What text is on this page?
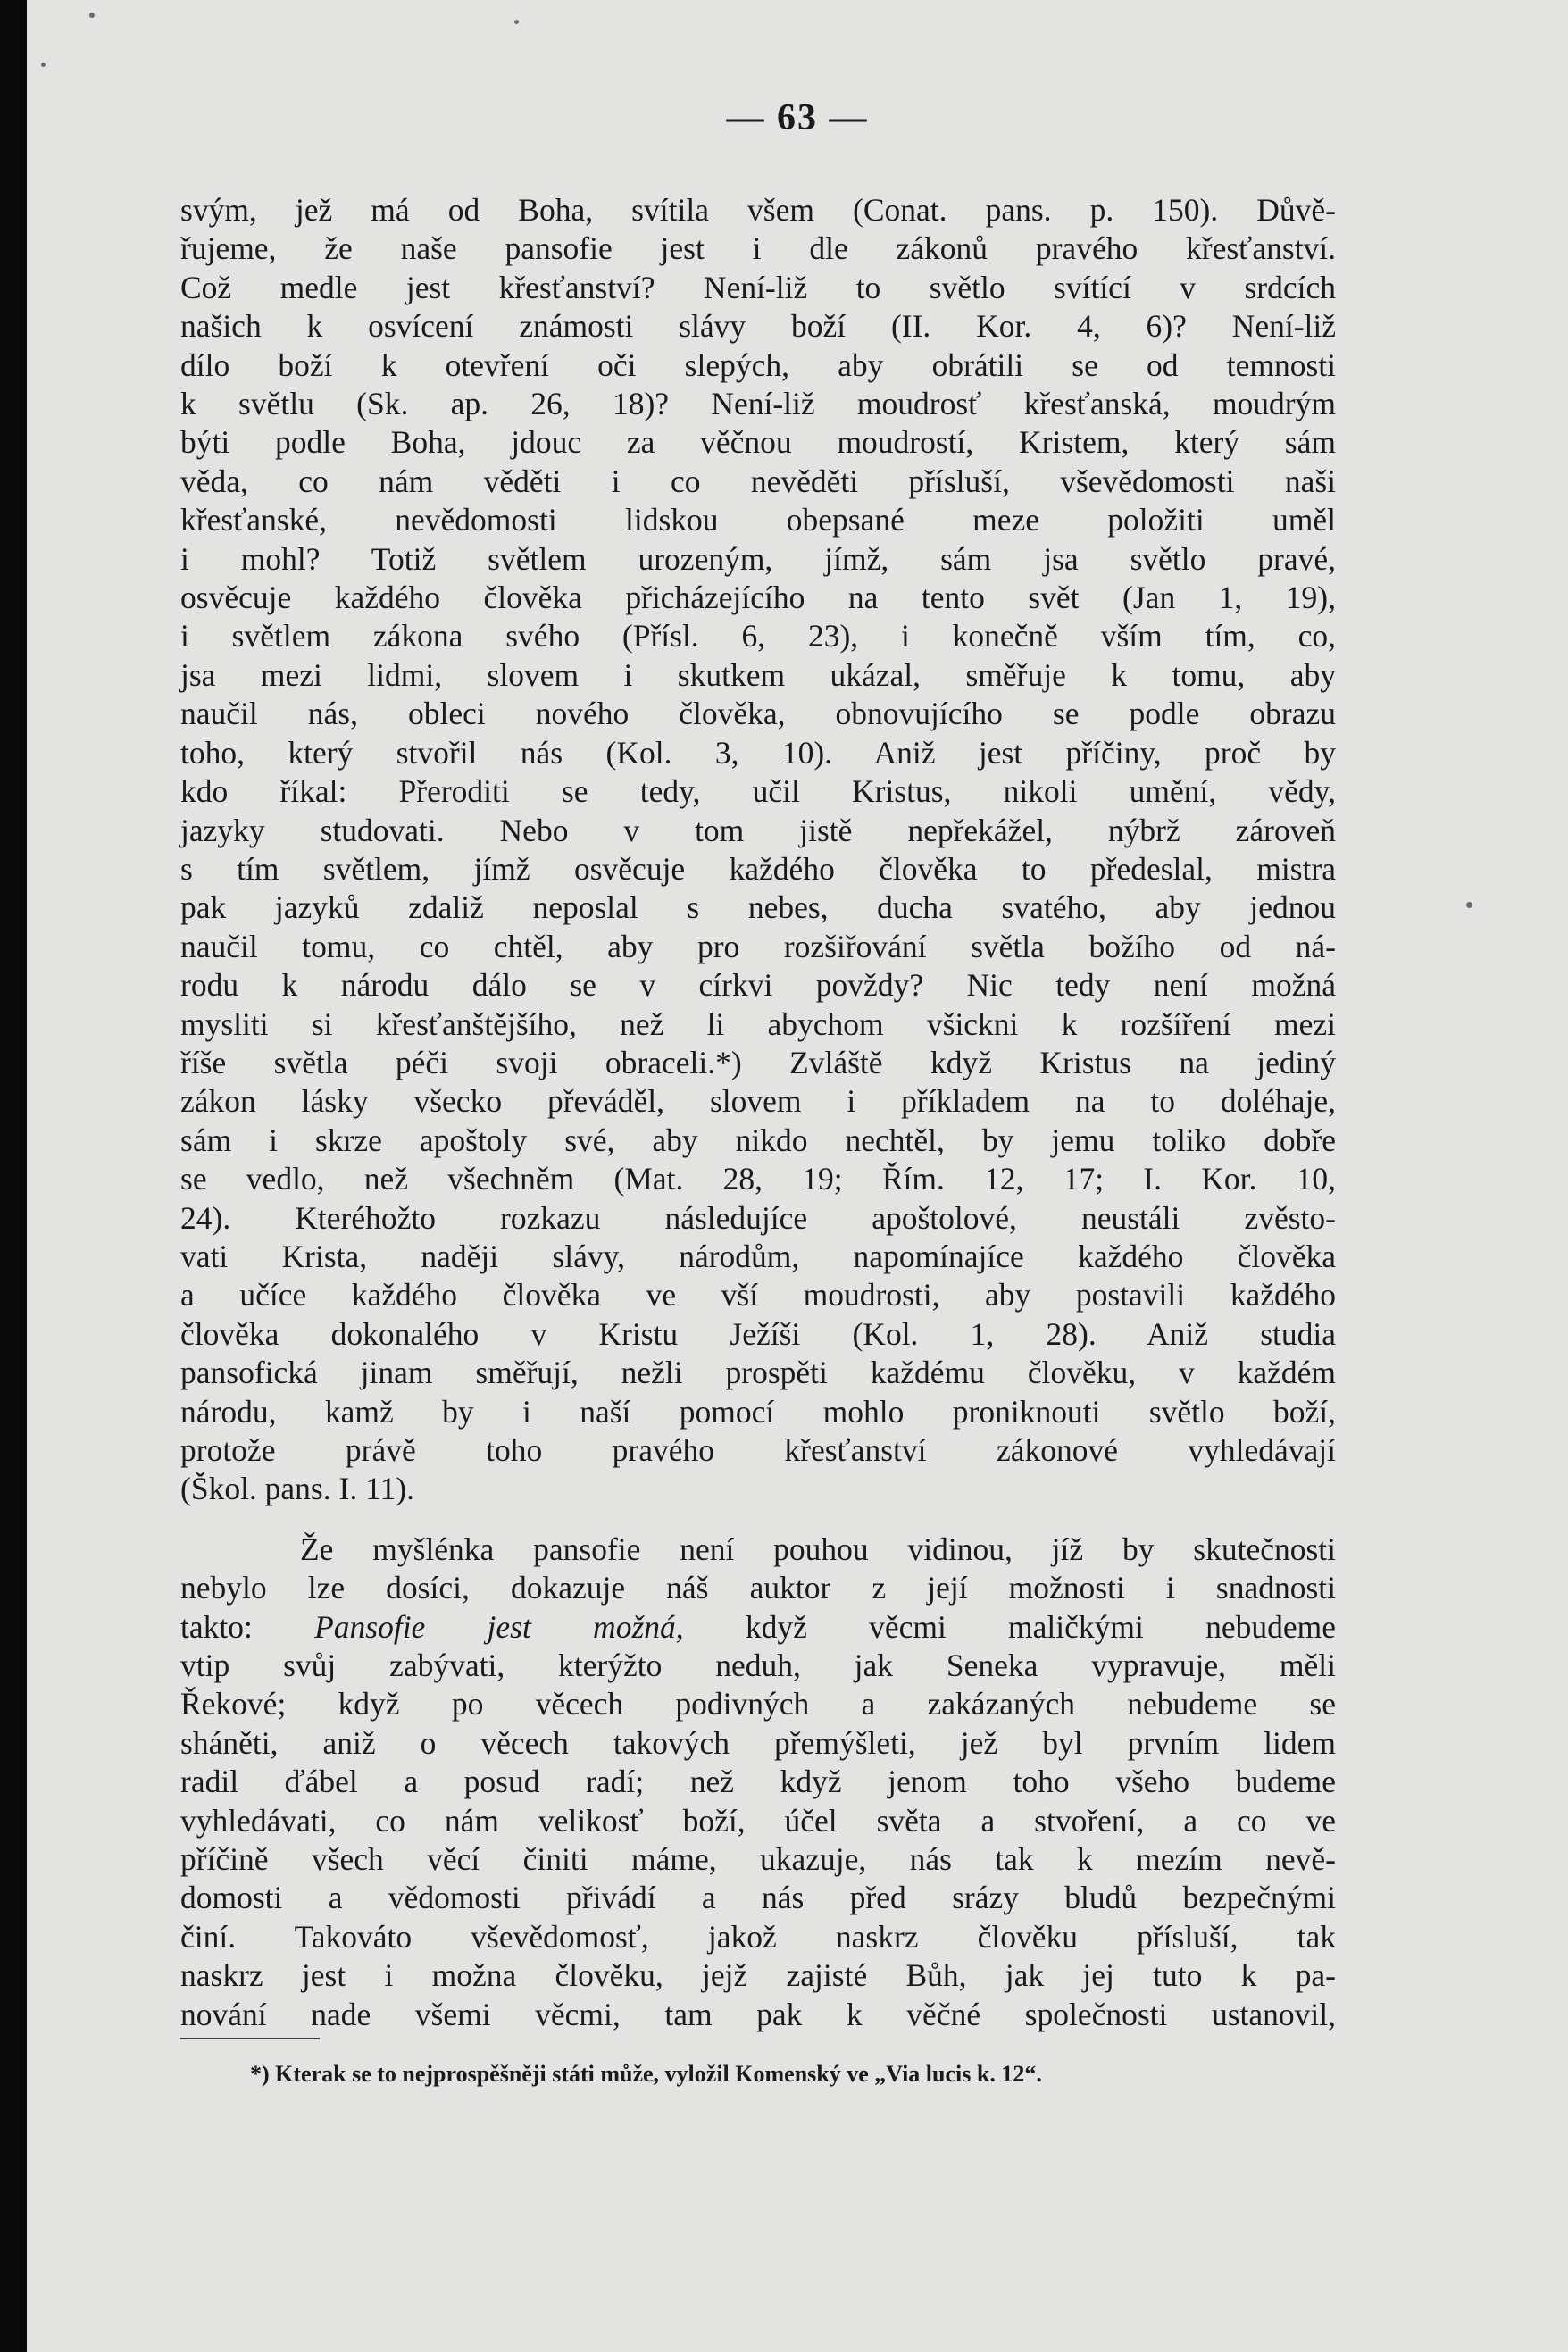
— 63 —
*) Kterak se to nejprospěšněji státi může, vyložil Komenský ve „Via lucis k. 12“.
svým, jež má od Boha, svítila všem (Conat. pans. p. 150). Důvě-
řujeme, že naše pansofie jest i dle zákonů pravého křesťanství.
Což medle jest křesťanství? Není-liž to světlo svítící v srdcích
našich k osvícení známosti slávy boží (II. Kor. 4, 6)? Není-liž
dílo boží k otevření oči slepých, aby obrátili se od temnosti
k světlu (Sk. ap. 26, 18)? Není-liž moudrosť křesťanská, moudrým
býti podle Boha, jdouc za věčnou moudrostí, Kristem, který sám
věda, co nám věděti i co nevěděti přísluší, vševědomosti naši
křesťanské, nevědomosti lidskou obepsané meze položiti uměl
i mohl? Totiž světlem urozeným, jímž, sám jsa světlo pravé,
osvěcuje každého člověka přicházejícího na tento svět (Jan 1, 19),
i světlem zákona svého (Přísl. 6, 23), i konečně vším tím, co,
jsa mezi lidmi, slovem i skutkem ukázal, směřuje k tomu, aby
naučil nás, obleci nového člověka, obnovujícího se podle obrazu
toho, který stvořil nás (Kol. 3, 10). Aniž jest příčiny, proč by
kdo říkal: Přeroditi se tedy, učil Kristus, nikoli umění, vědy,
jazyky studovati. Nebo v tom jistě nepřekážel, nýbrž zároveň
s tím světlem, jímž osvěcuje každého člověka to předeslal, mistra
pak jazyků zdaliž neposlal s nebes, ducha svatého, aby jednou
naučil tomu, co chtěl, aby pro rozšiřování světla božího od ná-
rodu k národu dálo se v církvi povždy? Nic tedy není možná
mysliti si křesťanštějšího, než li abychom všickni k rozšíření mezi
říše světla péči svoji obraceli.*) Zvláště když Kristus na jediný
zákon lásky všecko převáděl, slovem i příkladem na to doléhaje,
sám i skrze apoštoly své, aby nikdo nechtěl, by jemu toliko dobře
se vedlo, než všechněm (Mat. 28, 19; Řím. 12, 17; I. Kor. 10,
24). Kteréhožto rozkazu následujíce apoštolové, neustáli zvěsto-
vati Krista, naději slávy, národům, napomínajíce každého člověka
a učíce každého člověka ve vší moudrosti, aby postavili každého
člověka dokonalého v Kristu Ježíši (Kol. 1, 28). Aniž studia
pansofická jinam směřují, nežli prospěti každému člověku, v každém
národu, kamž by i naší pomocí mohlo proniknouti světlo boží,
protože právě toho pravého křesťanství zákonové vyhledávají
(Škol. pans. I. 11).
Že myšlénka pansofie není pouhou vidinou, jíž by skutečnosti
nebylo lze dosíci, dokazuje náš auktor z její možnosti i snadnosti
takto: Pansofie jest možná, když věcmi maličkými nebudeme
vtip svůj zabývati, kterýžto neduh, jak Seneka vypravuje, měli
Řekové; když po věcech podivných a zakázaných nebudeme se
sháněti, aniž o věcech takových přemýšleti, jež byl prvním lidem
radil ďábel a posud radí; než když jenom toho všeho budeme
vyhledávati, co nám velikosť boží, účel světa a stvoření, a co ve
příčině všech věcí činiti máme, ukazuje, nás tak k mezím nevě-
domosti a vědomosti přivádí a nás před srázy bludů bezpečnými
činí. Takováto vševědomosť, jakož naskrz člověku přísluší, tak
naskrz jest i možna člověku, jejž zajisté Bůh, jak jej tuto k pa-
nování nade všemi věcmi, tam pak k věčné společnosti ustanovil,
